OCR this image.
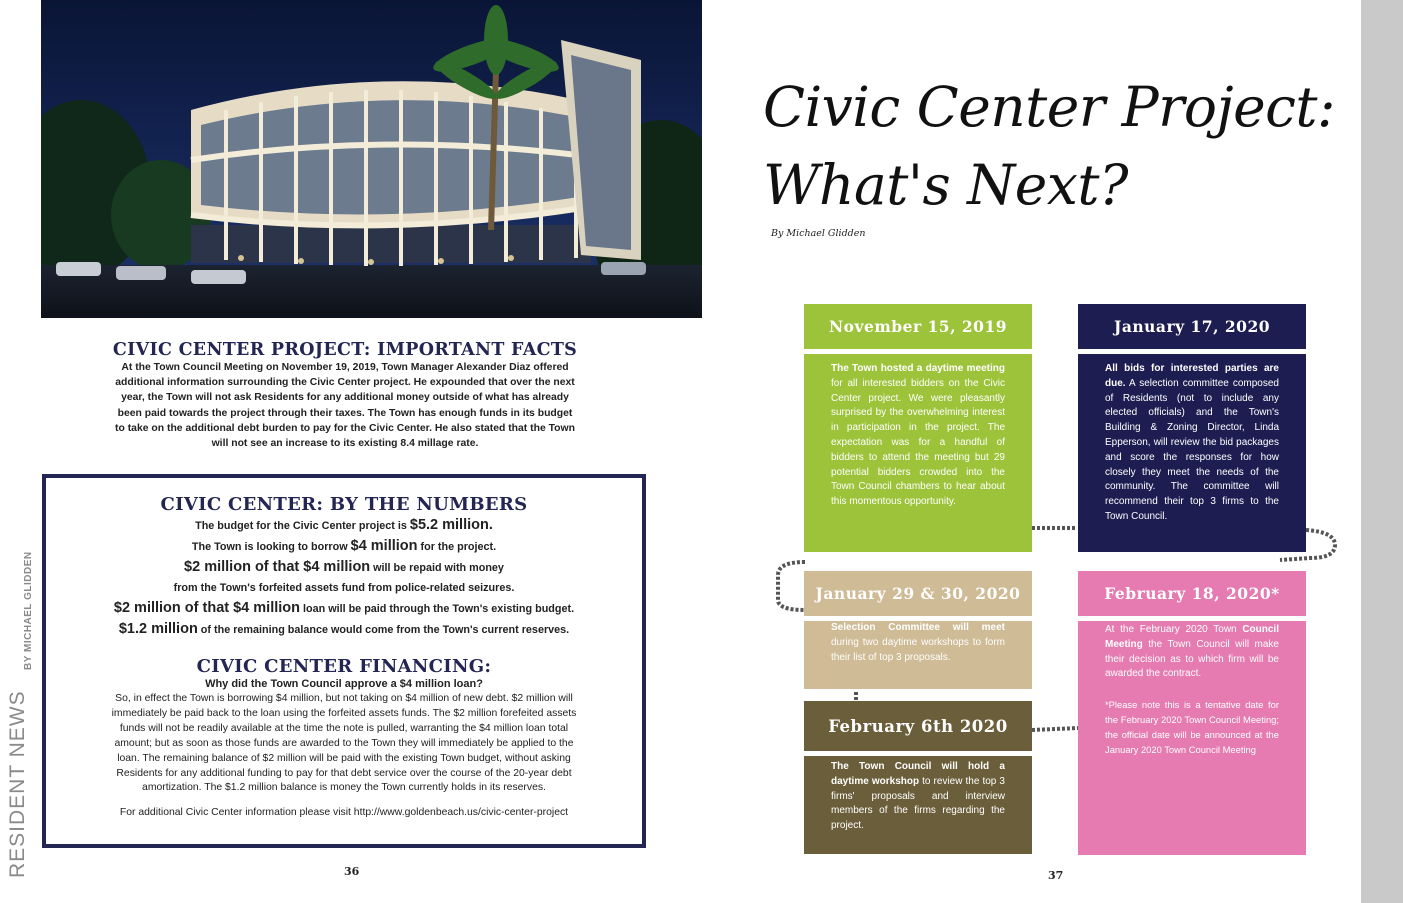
RESIDENT NEWS
BY MICHAEL GLIDDEN
CIVIC CENTER PROJECT: IMPORTANT FACTS

At the Town Council Meeting on November 19, 2019, Town Manager Alexander Diaz offered

additional information surrounding the Civic Center project. He expounded that over the next

year, the Town will not ask Residents for any additional money outside of what has already

been paid towards the project through their taxes. The Town has enough funds in its budget

to take on the additional debt burden to pay for the Civic Center. He also stated that the Town

will not see an increase to its existing 8.4 millage rate.

CIVIC CENTER: BY THE NUMBERS
The budget for the Civic Center project is $5.2 million.
The Town is looking to borrow $4 million for the project.
$2 million of that $4 million will be repaid with money
from the Town's forfeited assets fund from police-related seizures.
$2 million of that $4 million loan will be paid through the Town's existing budget.
$1.2 million of the remaining balance would come from the Town's current reserves.
CIVIC CENTER FINANCING:
Why did the Town Council approve a $4 million loan?
So, in effect the Town is borrowing $4 million, but not taking on $4 million of new debt. $2 million will
immediately be paid back to the loan using the forfeited assets funds. The $2 million forefeited assets
funds will not be readily available at the time the note is pulled, warranting the $4 million loan total
amount; but as soon as those funds are awarded to the Town they will immediately be applied to the
loan. The remaining balance of $2 million will be paid with the existing Town budget, without asking
Residents for any additional funding to pay for that debt service over the course of the 20-year debt
amortization. The $1.2 million balance is money the Town currently holds in its reserves.
For additional Civic Center information please visit http://www.goldenbeach.us/civic-center-project
36	37
Civic Center Project:
What's Next?
By Michael Glidden
November 15, 2019
The Town hosted a daytime meeting for all interested bidders on the Civic Center project. We were pleasantly surprised by the overwhelming interest in participation in the project. The expectation was for a handful of bidders to attend the meeting but 29 potential bidders crowded into the Town Council chambers to hear about this momentous opportunity.
January 17, 2020
All bids for interested parties are due. A selection committee composed of Residents (not to include any elected officials) and the Town's Building & Zoning Director, Linda Epperson, will review the bid packages and score the responses for how closely they meet the needs of the community. The committee will recommend their top 3 firms to the Town Council.
January 29 & 30, 2020
Selection Committee will meet during two daytime workshops to form their list of top 3 proposals.
February 18, 2020*
At the February 2020 Town Council Meeting the Town Council will make their decision as to which firm will be awarded the contract.
*Please note this is a tentative date for the February 2020 Town Council Meeting; the official date will be announced at the January 2020 Town Council Meeting
February 6th 2020
The Town Council will hold a daytime workshop to review the top 3 firms' proposals and interview members of the firms regarding the project.
